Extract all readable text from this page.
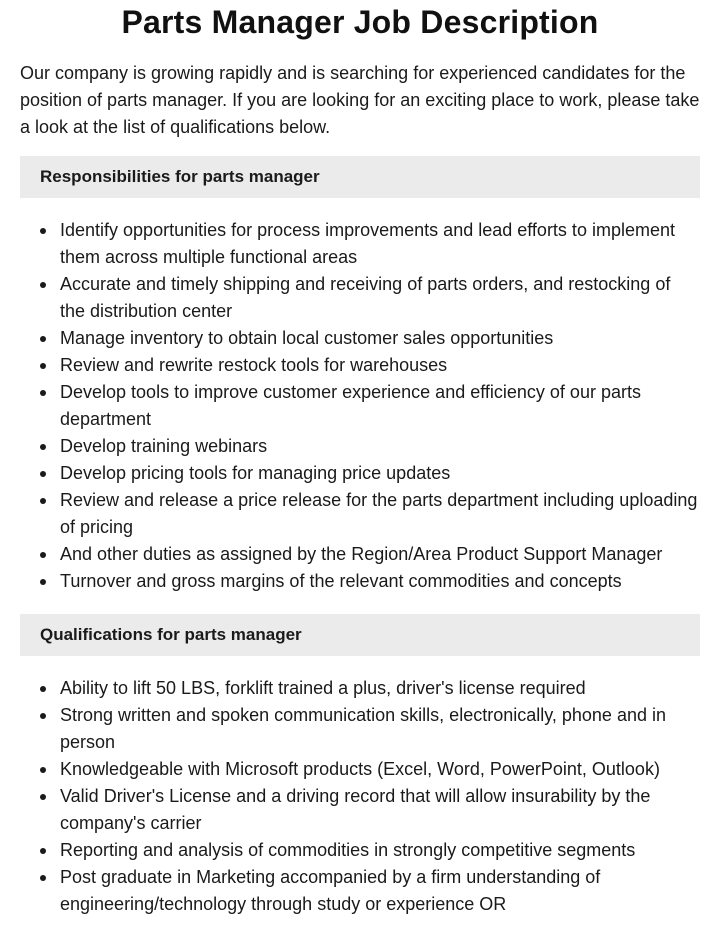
Parts Manager Job Description

Our company is growing rapidly and is searching for experienced candidates for the position of parts manager. If you are looking for an exciting place to work, please take a look at the list of qualifications below.

Responsibilities for parts manager
Identify opportunities for process improvements and lead efforts to implement them across multiple functional areas
Accurate and timely shipping and receiving of parts orders, and restocking of the distribution center
Manage inventory to obtain local customer sales opportunities
Review and rewrite restock tools for warehouses
Develop tools to improve customer experience and efficiency of our parts department
Develop training webinars
Develop pricing tools for managing price updates
Review and release a price release for the parts department including uploading of pricing
And other duties as assigned by the Region/Area Product Support Manager
Turnover and gross margins of the relevant commodities and concepts
Qualifications for parts manager
Ability to lift 50 LBS, forklift trained a plus, driver's license required
Strong written and spoken communication skills, electronically, phone and in person
Knowledgeable with Microsoft products (Excel, Word, PowerPoint, Outlook)
Valid Driver's License and a driving record that will allow insurability by the company's carrier
Reporting and analysis of commodities in strongly competitive segments
Post graduate in Marketing accompanied by a firm understanding of engineering/technology through study or experience OR
